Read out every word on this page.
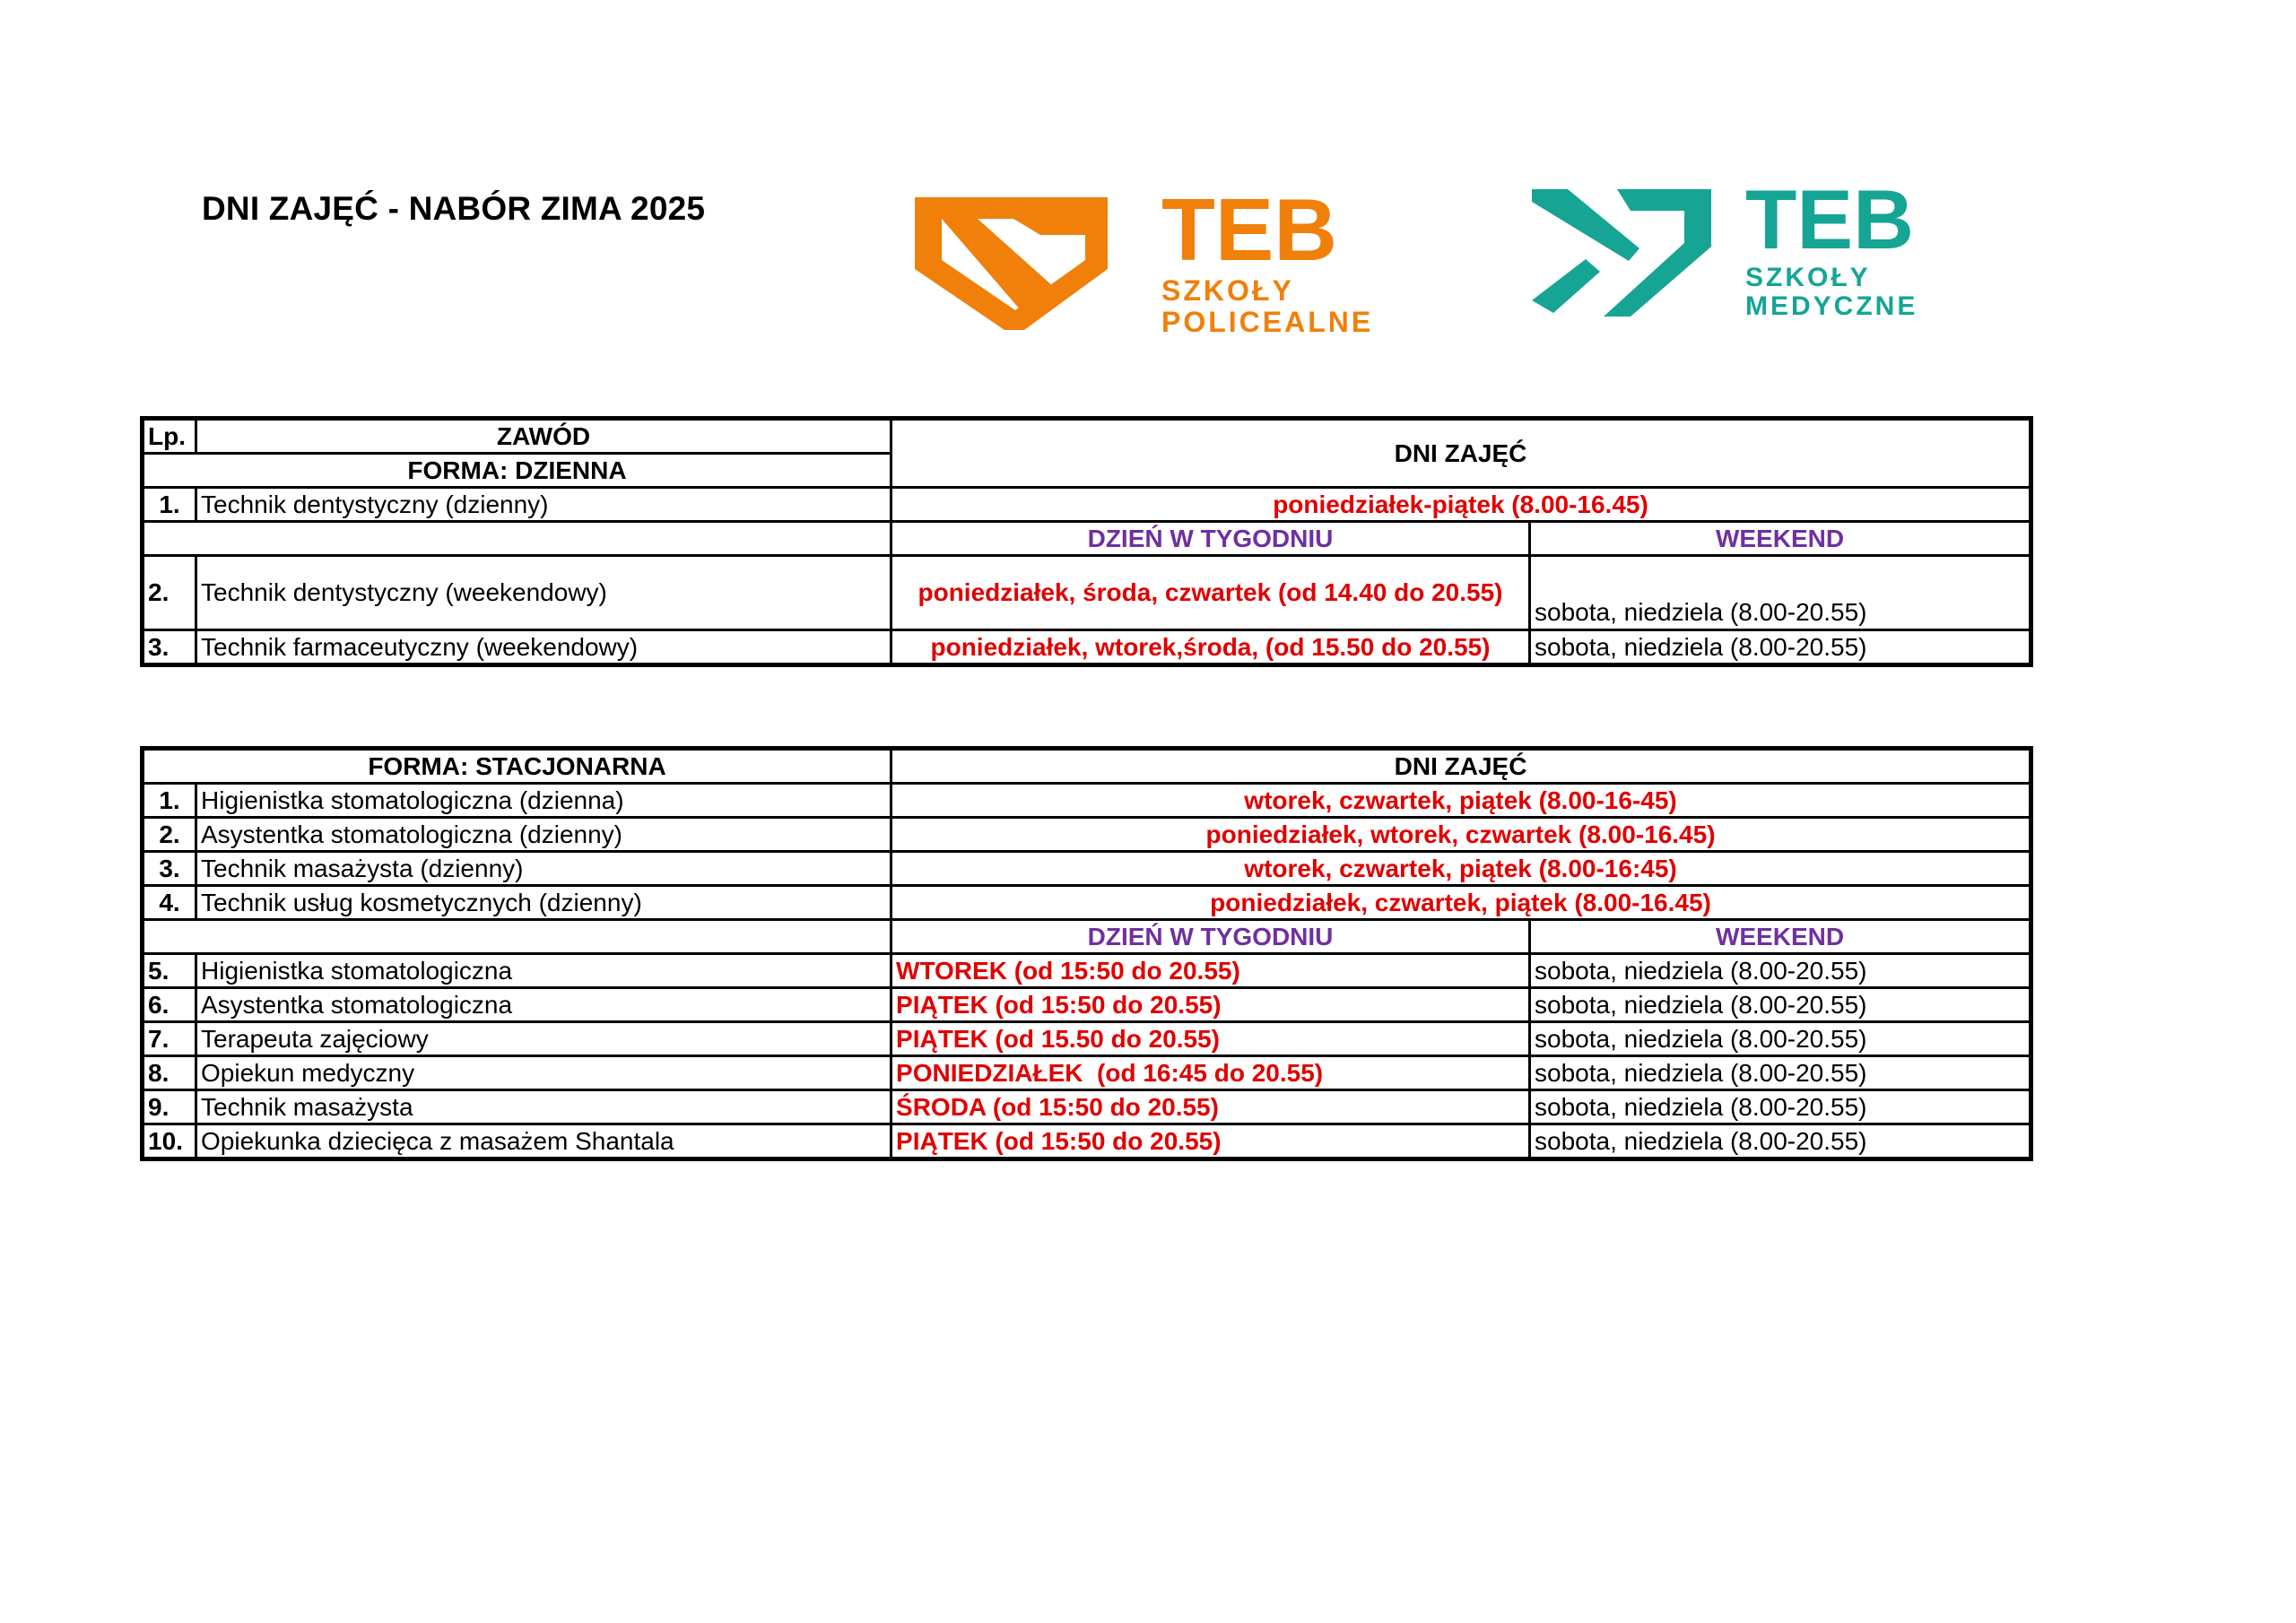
DNI ZAJĘĆ - NABÓR ZIMA 2025	TEB
SZKOŁY
POLICEALNE
TEB
SZKOŁY
MEDYCZNE
Lp.	ZAWÓD	DNI ZAJĘĆ	
FORMA: DZIENNA			
1.	Technik dentystyczny (dzienny)	poniedziałek-piątek (8.00-16.45)	
		DZIEŃ W TYGODNIU	WEEKEND
2.	Technik dentystyczny (weekendowy)	poniedziałek, środa, czwartek (od 14.40 do 20.55)	sobota, niedziela (8.00-20.55)
3.	Technik farmaceutyczny (weekendowy)	poniedziałek, wtorek,środa, (od 15.50 do 20.55)	sobota, niedziela (8.00-20.55)
FORMA: STACJONARNA		DNI ZAJĘĆ	
1.	Higienistka stomatologiczna (dzienna)	wtorek, czwartek, piątek (8.00-16-45)	
2.	Asystentka stomatologiczna (dzienny)	poniedziałek, wtorek, czwartek (8.00-16.45)	
3.	Technik masażysta (dzienny)	wtorek, czwartek, piątek (8.00-16:45)	
4.	Technik usług kosmetycznych (dzienny)	poniedziałek, czwartek, piątek (8.00-16.45)	
		DZIEŃ W TYGODNIU	WEEKEND
5.	Higienistka stomatologiczna	WTOREK (od 15:50 do 20.55)	sobota, niedziela (8.00-20.55)
6.	Asystentka stomatologiczna	PIĄTEK (od 15:50 do 20.55)	sobota, niedziela (8.00-20.55)
7.	Terapeuta zajęciowy	PIĄTEK (od 15.50 do 20.55)	sobota, niedziela (8.00-20.55)
8.	Opiekun medyczny	PONIEDZIAŁEK  (od 16:45 do 20.55)	sobota, niedziela (8.00-20.55)
9.	Technik masażysta	ŚRODA (od 15:50 do 20.55)	sobota, niedziela (8.00-20.55)
10.	Opiekunka dziecięca z masażem Shantala	PIĄTEK (od 15:50 do 20.55)	sobota, niedziela (8.00-20.55)
